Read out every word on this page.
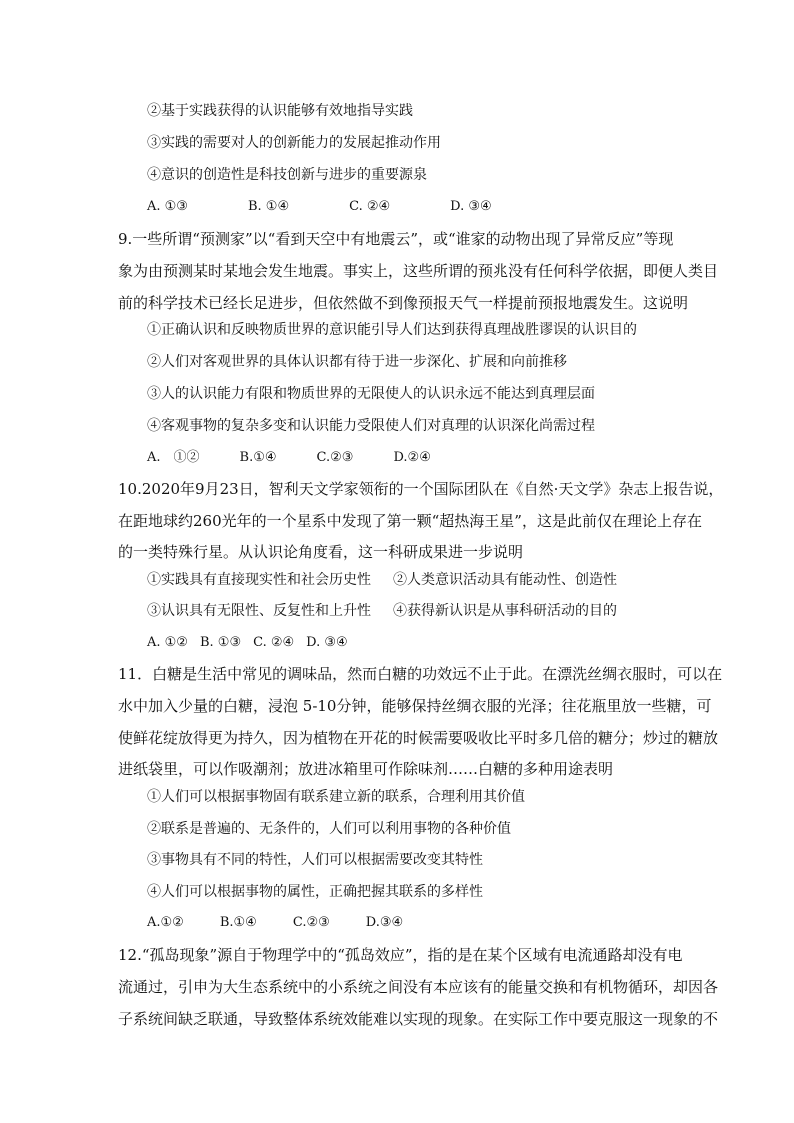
②基于实践获得的认识能够有效地指导实践
③实践的需要对人的创新能力的发展起推动作用
④意识的创造性是科技创新与进步的重要源泉
A. ①③	B. ①④	C. ②④	D. ③④
9.一些所谓“预测家”以“看到天空中有地震云”，或“谁家的动物出现了异常反应”等现
象为由预测某时某地会发生地震。事实上，这些所谓的预兆没有任何科学依据，即便人类目
前的科学技术已经长足进步，但依然做不到像预报天气一样提前预报地震发生。这说明
①正确认识和反映物质世界的意识能引导人们达到获得真理战胜谬误的认识目的
②人们对客观世界的具体认识都有待于进一步深化、扩展和向前推移
③人的认识能力有限和物质世界的无限使人的认识永远不能达到真理层面
④客观事物的复杂多变和认识能力受限使人们对真理的认识深化尚需过程
A.　①②	B.①④	C.②③	D.②④
10.2020年9月23日，智利天文学家领衔的一个国际团队在《自然·天文学》杂志上报告说，
在距地球约260光年的一个星系中发现了第一颗“超热海王星”，这是此前仅在理论上存在
的一类特殊行星。从认识论角度看，这一科研成果进一步说明
①实践具有直接现实性和社会历史性 ②人类意识活动具有能动性、创造性
③认识具有无限性、反复性和上升性 ④获得新认识是从事科研活动的目的
A. ①② B. ①③ C. ②④ D. ③④
11．白糖是生活中常见的调味品，然而白糖的功效远不止于此。在漂洗丝绸衣服时，可以在
水中加入少量的白糖，浸泡 5-10分钟，能够保持丝绸衣服的光泽；往花瓶里放一些糖，可
使鲜花绽放得更为持久，因为植物在开花的时候需要吸收比平时多几倍的糖分；炒过的糖放
进纸袋里，可以作吸潮剂；放进冰箱里可作除味剂……白糖的多种用途表明
①人们可以根据事物固有联系建立新的联系，合理利用其价值
②联系是普遍的、无条件的，人们可以利用事物的各种价值
③事物具有不同的特性，人们可以根据需要改变其特性
④人们可以根据事物的属性，正确把握其联系的多样性
A.①②	B.①④	C.②③	D.③④
12.“孤岛现象”源自于物理学中的“孤岛效应”，指的是在某个区域有电流通路却没有电
流通过，引申为大生态系统中的小系统之间没有本应该有的能量交换和有机物循环，却因各
子系统间缺乏联通，导致整体系统效能难以实现的现象。在实际工作中要克服这一现象的不
